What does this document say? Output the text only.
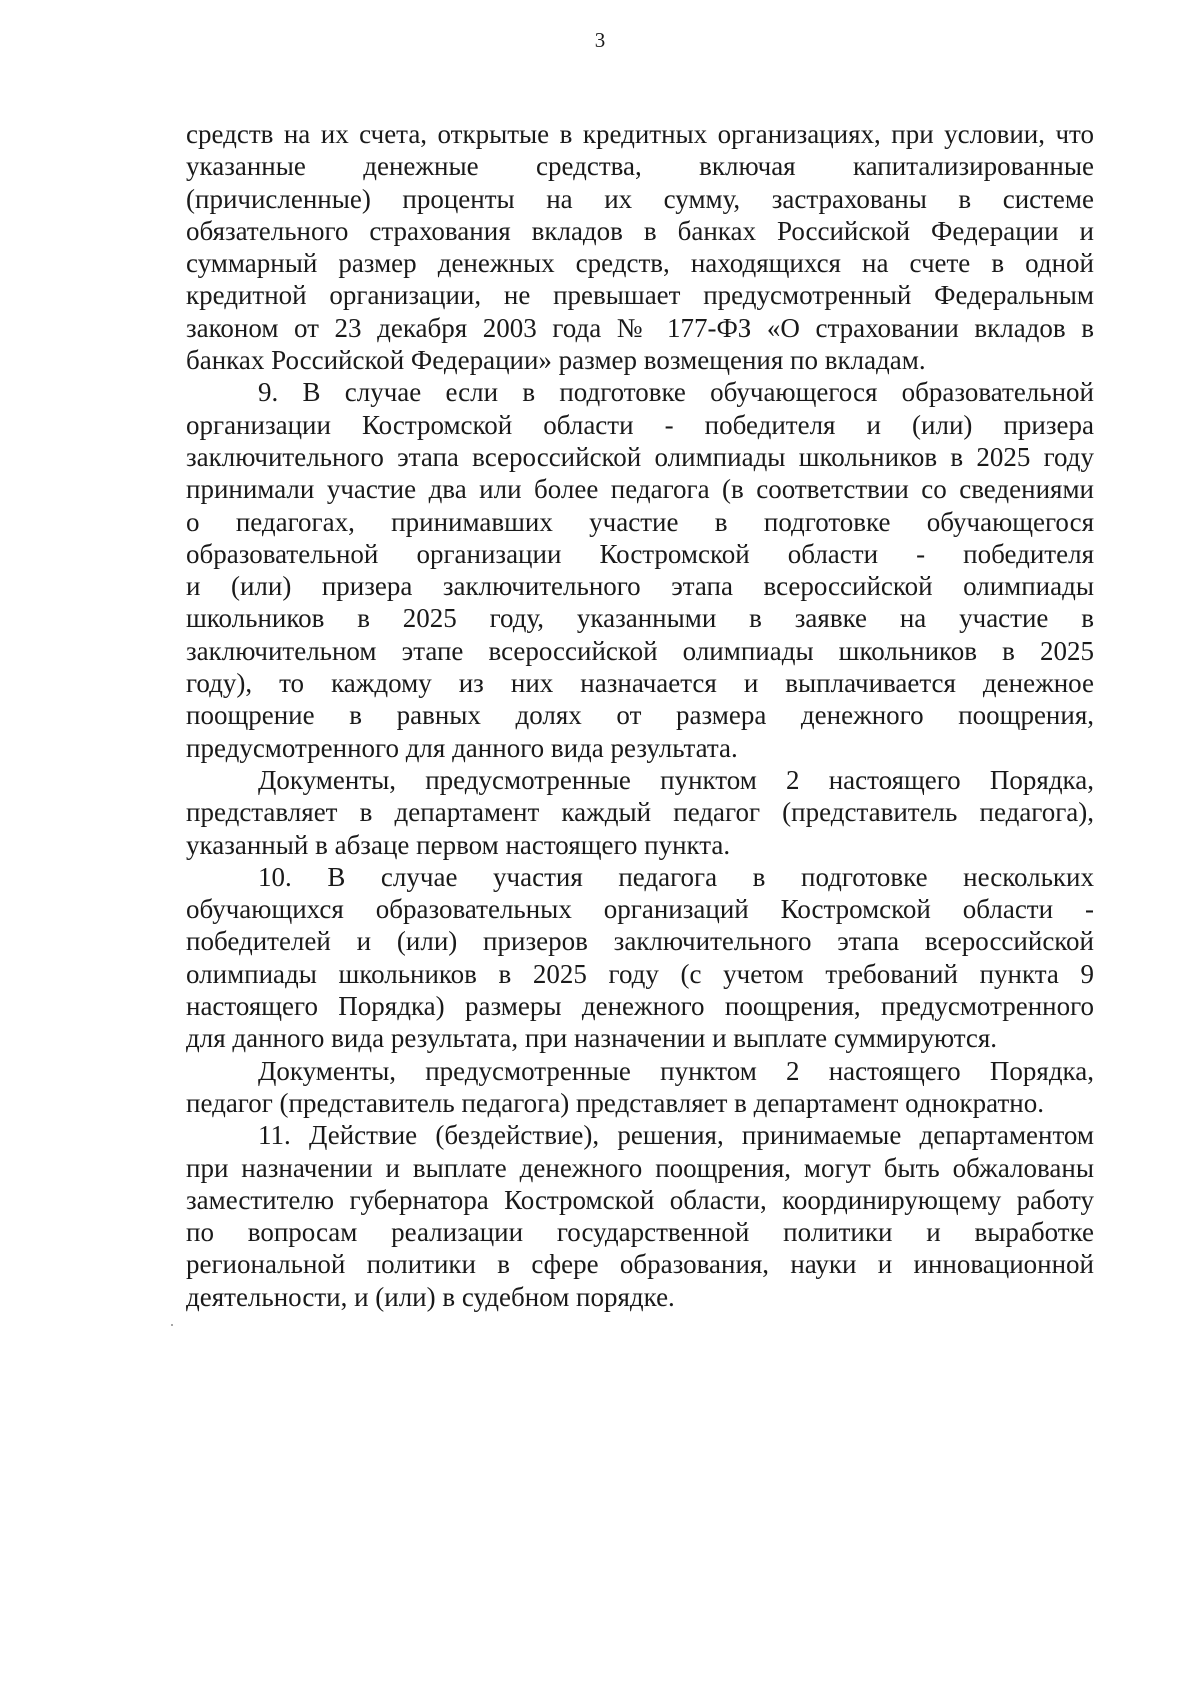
3

средств на их счета, открытые в кредитных организациях, при условии, что
указанные денежные средства, включая капитализированные
(причисленные) проценты на их сумму, застрахованы в системе
обязательного страхования вкладов в банках Российской Федерации и
суммарный размер денежных средств, находящихся на счете в одной
кредитной организации, не превышает предусмотренный Федеральным
законом от 23 декабря 2003 года № 177-ФЗ «О страховании вкладов в
банках Российской Федерации» размер возмещения по вкладам.

9. В случае если в подготовке обучающегося образовательной
организации Костромской области - победителя и (или) призера
заключительного этапа всероссийской олимпиады школьников в 2025 году
принимали участие два или более педагога (в соответствии со сведениями
о педагогах, принимавших участие в подготовке обучающегося
образовательной организации Костромской области - победителя
и (или) призера заключительного этапа всероссийской олимпиады
школьников в 2025 году, указанными в заявке на участие в
заключительном этапе всероссийской олимпиады школьников в 2025
году), то каждому из них назначается и выплачивается денежное
поощрение в равных долях от размера денежного поощрения,
предусмотренного для данного вида результата.

Документы, предусмотренные пунктом 2 настоящего Порядка,
представляет в департамент каждый педагог (представитель педагога),
указанный в абзаце первом настоящего пункта.

10. В случае участия педагога в подготовке нескольких
обучающихся образовательных организаций Костромской области -
победителей и (или) призеров заключительного этапа всероссийской
олимпиады школьников в 2025 году (с учетом требований пункта 9
настоящего Порядка) размеры денежного поощрения, предусмотренного
для данного вида результата, при назначении и выплате суммируются.

Документы, предусмотренные пунктом 2 настоящего Порядка,
педагог (представитель педагога) представляет в департамент однократно.

11. Действие (бездействие), решения, принимаемые департаментом
при назначении и выплате денежного поощрения, могут быть обжалованы
заместителю губернатора Костромской области, координирующему работу
по вопросам реализации государственной политики и выработке
региональной политики в сфере образования, науки и инновационной
деятельности, и (или) в судебном порядке.
